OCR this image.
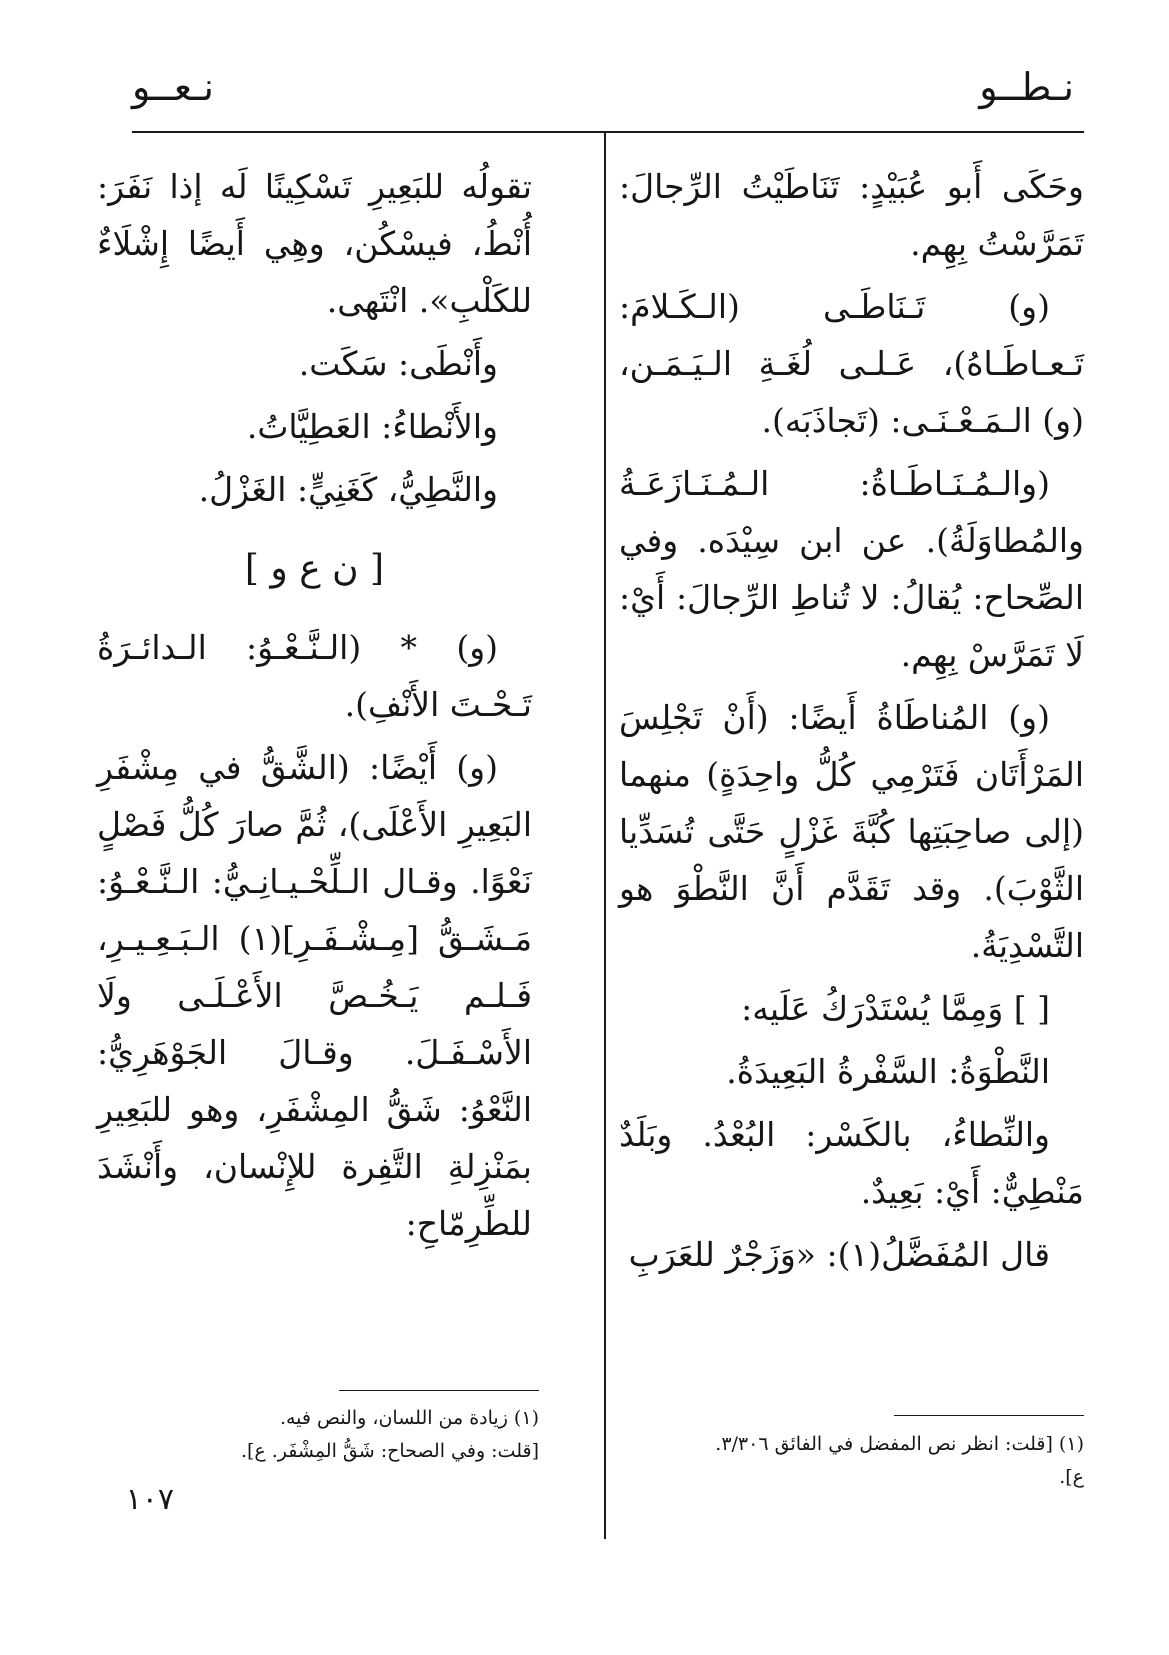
نـطــو
نـعــو

وحَكَى أَبو عُبَيْدٍ: تَنَاطَيْتُ الرِّجالَ: تَمَرَّسْتُ بِهِم.

(و) تَـنَاطَـى (الـكَـلامَ: تَـعـاطَـاهُ)، عَـلـى لُغَـةِ الـيَـمَـن، (و) الـمَـعْـنَـى: (تَجاذَبَه).

(والـمُـنَـاطَـاةُ: الـمُـنَـازَعَـةُ والمُطاوَلَةُ). عن ابن سِيْدَه. وفي الصِّحاح: يُقالُ: لا تُناطِ الرِّجالَ: أَيْ: لَا تَمَرَّسْ بِهِم.

(و) المُناطَاةُ أَيضًا: (أَنْ تَجْلِسَ المَرْأَتَان فَتَرْمِي كُلُّ واحِدَةٍ) منهما (إلى صاحِبَتِها كُبَّةَ غَزْلٍ حَتَّى تُسَدِّيا الثَّوْبَ). وقد تَقَدَّم أَنَّ النَّطْوَ هو التَّسْدِيَةُ.

[ ] وَمِمَّا يُسْتَدْرَكُ عَلَيه:

النَّطْوَةُ: السَّفْرةُ البَعِيدَةُ.

والنِّطاءُ، بالكَسْر: البُعْدُ. وبَلَدٌ مَنْطِيٌّ: أَيْ: بَعِيدٌ.

قال المُفَضَّلُ(١): «وَزَجْرٌ للعَرَبِ

تقولُه للبَعِيرِ تَسْكِينًا لَه إذا نَفَرَ: أُنْطُ، فيسْكُن، وهِي أَيضًا إِشْلَاءٌ للكَلْبِ». انْتَهى.

وأَنْطَى: سَكَت.

والأَنْطاءُ: العَطِيَّاتُ.

والنَّطِيُّ، كَغَنِيٍّ: الغَزْلُ.

[ ن ع و ]

(و) * (الـنَّـعْـوُ: الـدائـرَةُ تَـحْـتَ الأَنْفِ).

(و) أَيْضًا: (الشَّقُّ في مِشْفَرِ البَعِيرِ الأَعْلَى)، ثُمَّ صارَ كُلُّ فَصْلٍ نَعْوًا. وقـال الـلِّحْـيـانِـيُّ: الـنَّـعْـوُ: مَـشَـقُّ [مِـشْـفَـرِ](١) الـبَـعِـيـرِ، فَـلـم يَـخُـصَّ الأَعْـلَـى ولَا الأَسْـفَـلَ. وقـالَ الجَوْهَرِيُّ: النَّعْوُ: شَقُّ المِشْفَرِ، وهو للبَعِيرِ بمَنْزِلةِ التَّفِرة للإِنْسان، وأَنْشَدَ للطِّرِمّاحِ:

(١) [قلت: انظر نص المفضل في الفائق ٣/٣٠٦.

ع].

(١) زيادة من اللسان، والنص فيه.

[قلت: وفي الصحاح: شَقُّ المِشْفَر. ع].

١٠٧
